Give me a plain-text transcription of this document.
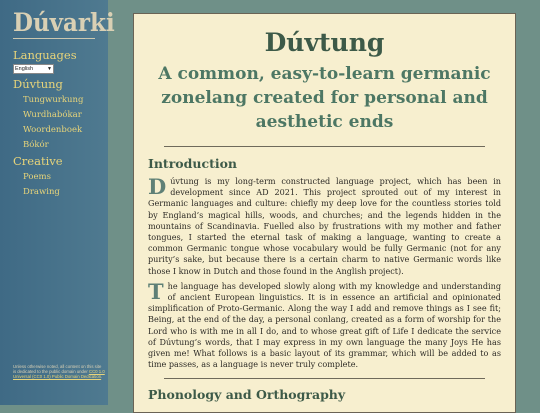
Dúvarki
Languages
English	▼
Dúvtung
Tungwurkung
Wurdhabókar
Woordenboek
Bókór
Creative
Poems
Drawing
Unless otherwise noted, all content on this site is dedicated to the public domain under CC0 1.0 Universal (CC0 1.0) Public Domain Dedication.
Dúvtung
A common, easy-to-learn germanic zonelang created for personal and aesthetic ends
Introduction

Dúvtung is my long-term constructed language project, which has been in development since AD 2021. This project sprouted out of my interest in Germanic languages and culture: chiefly my deep love for the countless stories told by England’s magical hills, woods, and churches; and the legends hidden in the mountains of Scandinavia. Fuelled also by frustrations with my mother and father tongues, I started the eternal task of making a language, wanting to create a common Germanic tongue whose vocabulary would be fully Germanic (not for any purity’s sake, but because there is a certain charm to native Germanic words like those I know in Dutch and those found in the Anglish project).

The language has developed slowly along with my knowledge and understanding of ancient European linguistics. It is in essence an artificial and opinionated simplification of Proto-Germanic. Along the way I add and remove things as I see fit; Being, at the end of the day, a personal conlang, created as a form of worship for the Lord who is with me in all I do, and to whose great gift of Life I dedicate the service of Dúvtung’s words, that I may express in my own language the many Joys He has given me! What follows is a basic layout of its grammar, which will be added to as time passes, as a language is never truly complete.

Phonology and Orthography
